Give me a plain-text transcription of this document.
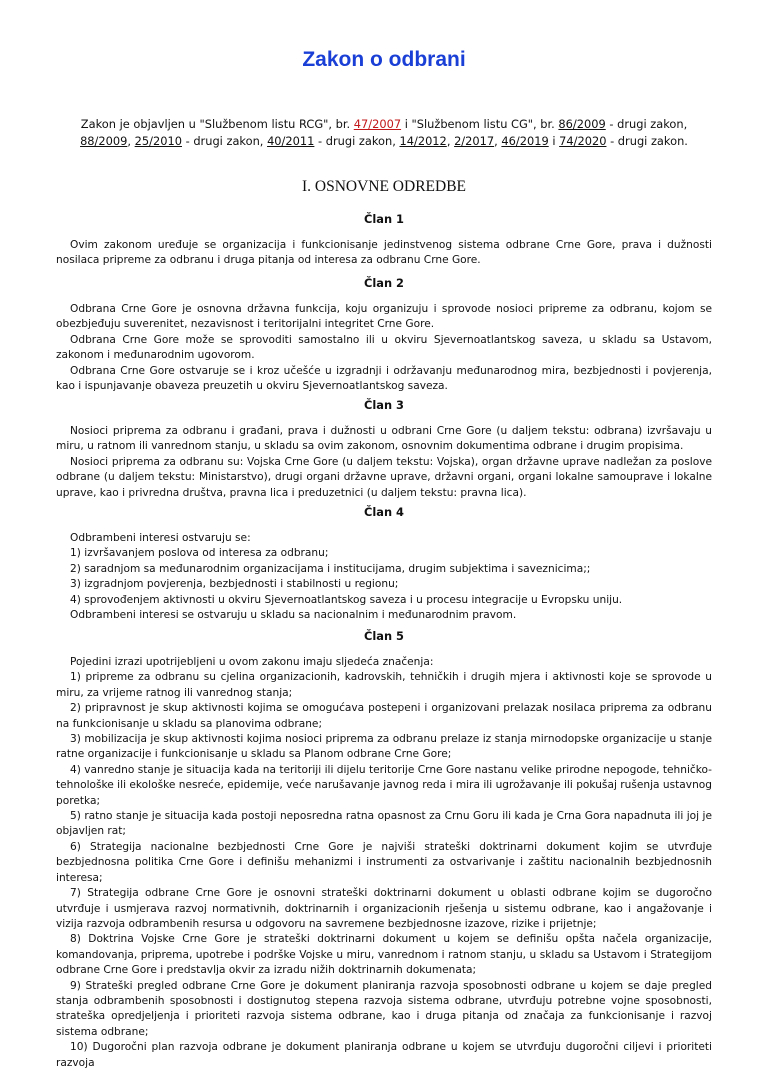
Zakon o odbrani
Zakon je objavljen u "Službenom listu RCG", br. 47/2007 i "Službenom listu CG", br. 86/2009 - drugi zakon,
88/2009, 25/2010 - drugi zakon, 40/2011 - drugi zakon, 14/2012, 2/2017, 46/2019 i 74/2020 - drugi zakon.
I. OSNOVNE ODREDBE
Član 1

Ovim zakonom uređuje se organizacija i funkcionisanje jedinstvenog sistema odbrane Crne Gore, prava i dužnosti nosilaca pripreme za odbranu i druga pitanja od interesa za odbranu Crne Gore.

Član 2

Odbrana Crne Gore je osnovna državna funkcija, koju organizuju i sprovode nosioci pripreme za odbranu, kojom se obezbjeđuju suverenitet, nezavisnost i teritorijalni integritet Crne Gore.

Odbrana Crne Gore može se sprovoditi samostalno ili u okviru Sjevernoatlantskog saveza, u skladu sa Ustavom, zakonom i međunarodnim ugovorom.

Odbrana Crne Gore ostvaruje se i kroz učešće u izgradnji i održavanju međunarodnog mira, bezbjednosti i povjerenja, kao i ispunjavanje obaveza preuzetih u okviru Sjevernoatlantskog saveza.

Član 3

Nosioci pripremа za odbranu i građani, prava i dužnosti u odbrani Crne Gore (u daljem tekstu: odbrana) izvršavaju u miru, u ratnom ili vanrednom stanju, u skladu sa ovim zakonom, osnovnim dokumentima odbrane i drugim propisima.

Nosioci pripremа za odbranu su: Vojska Crne Gore (u daljem tekstu: Vojska), organ državne uprave nadležan za poslove odbrane (u daljem tekstu: Ministarstvo), drugi organi državne uprave, državni organi, organi lokalne samouprave i lokalne uprave, kao i privredna društva, pravna lica i preduzetnici (u daljem tekstu: pravna lica).

Član 4

Odbrambeni interesi ostvaruju se:

1) izvršavanjem poslova od interesa za odbranu;

2) saradnjom sa međunarodnim organizacijama i institucijama, drugim subjektima i saveznicima;;

3) izgradnjom povjerenja, bezbjednosti i stabilnosti u regionu;

4) sprovođenjem aktivnosti u okviru Sjevernoatlantskog saveza i u procesu integracije u Evropsku uniju.

Odbrambeni interesi se ostvaruju u skladu sa nacionalnim i međunarodnim pravom.

Član 5

Pojedini izrazi upotrijebljeni u ovom zakonu imaju sljedeća značenja:

1) pripreme za odbranu su cjelina organizacionih, kadrovskih, tehničkih i drugih mjera i aktivnosti koje se sprovode u miru, za vrijeme ratnog ili vanrednog stanja;

2) pripravnost je skup aktivnosti kojima se omogućava postepeni i organizovani prelazak nosilaca pripremа za odbranu na funkcionisanje u skladu sa planovima odbrane;

3) mobilizacija je skup aktivnosti kojima nosioci pripremа za odbranu prelaze iz stanja mirnodopske organizacije u stanje ratne organizacije i funkcionisanje u skladu sa Planom odbrane Crne Gore;

4) vanredno stanje je situacija kada na teritoriji ili dijelu teritorije Crne Gore nastanu velike prirodne nepogode, tehničko-tehnološke ili ekološke nesreće, epidemije, veće narušavanje javnog reda i mira ili ugrožavanje ili pokušaj rušenja ustavnog poretka;

5) ratno stanje je situacija kada postoji neposredna ratna opasnost za Crnu Goru ili kada je Crna Gora napadnuta ili joj je objavljen rat;

6) Strategija nacionalne bezbjednosti Crne Gore je najviši strateški doktrinarni dokument kojim se utvrđuje bezbjednosna politika Crne Gore i definišu mehanizmi i instrumenti za ostvarivanje i zaštitu nacionalnih bezbjednosnih interesa;

7) Strategija odbrane Crne Gore je osnovni strateški doktrinarni dokument u oblasti odbrane kojim se dugoročno utvrđuje i usmjerava razvoj normativnih, doktrinarnih i organizacionih rješenja u sistemu odbrane, kao i angažovanje i vizija razvoja odbrambenih resursa u odgovoru na savremene bezbjednosne izazove, rizike i prijetnje;

8) Doktrina Vojske Crne Gore je strateški doktrinarni dokument u kojem se definišu opšta načela organizacije, komandovanja, pripremа, upotrebe i podrške Vojske u miru, vanrednom i ratnom stanju, u skladu sa Ustavom i Strategijom odbrane Crne Gore i predstavlja okvir za izradu nižih doktrinarnih dokumenata;

9) Strateški pregled odbrane Crne Gore je dokument planiranja razvoja sposobnosti odbrane u kojem se daje pregled stanja odbrambenih sposobnosti i dostignutog stepena razvoja sistema odbrane, utvrđuju potrebne vojne sposobnosti, strateška opredjeljenja i prioriteti razvoja sistema odbrane, kao i druga pitanja od značaja za funkcionisanje i razvoj sistema odbrane;

10) Dugoročni plan razvoja odbrane je dokument planiranja odbrane u kojem se utvrđuju dugoročni ciljevi i prioriteti razvoja
